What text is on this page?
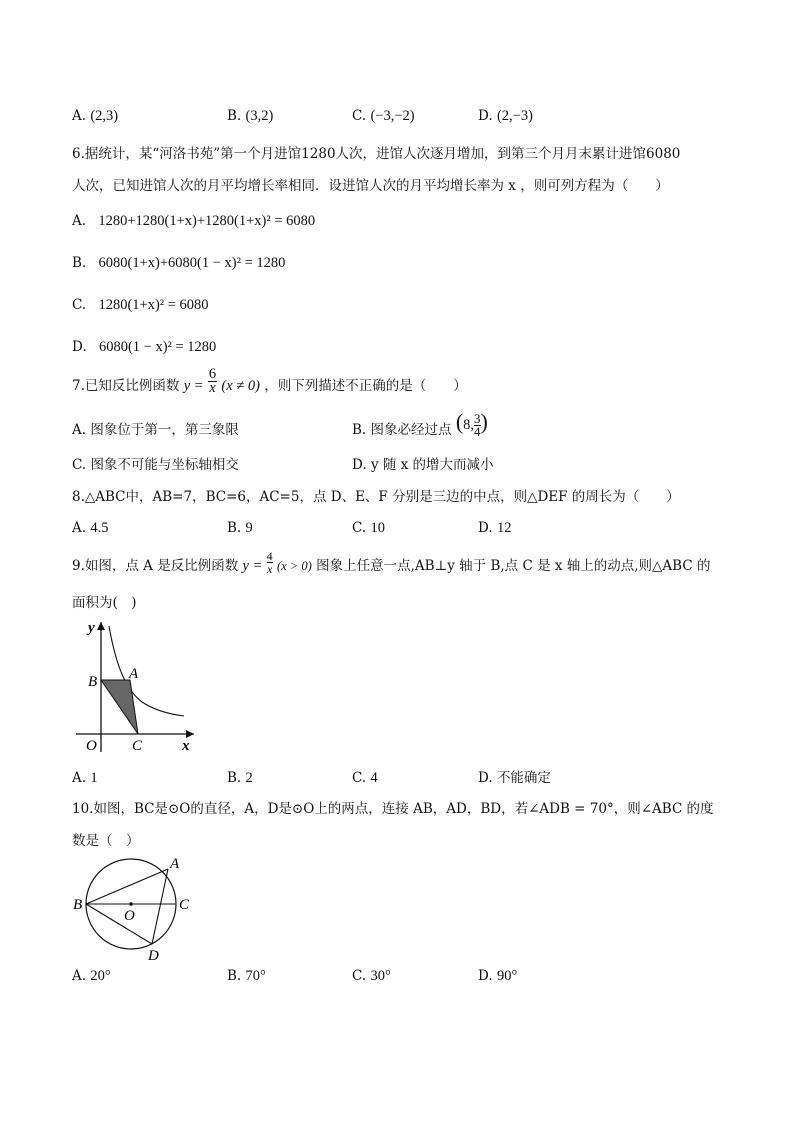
A. (2,3)	B. (3,2)	C. (−3,−2)	D. (2,−3)
6.据统计，某“河洛书苑”第一个月进馆1280人次，进馆人次逐月增加，到第三个月月末累计进馆6080
人次，已知进馆人次的月平均增长率相同．设进馆人次的月平均增长率为 x ，则可列方程为（　　）
A. 1280+1280(1+x)+1280(1+x)² = 6080
B. 6080(1+x)+6080(1 − x)² = 1280
C. 1280(1+x)² = 6080
D. 6080(1 − x)² = 1280
7.已知反比例函数 $y = \frac{6}{x} (x \ne 0)$ ，则下列描述不正确的是（　　）
A. 图象位于第一，第三象限	B. 图象必经过点 (8, $\frac{3}{4}$ )
C. 图象不可能与坐标轴相交	D. y 随 x 的增大而减小
8.△ABC中，AB=7，BC=6，AC=5，点 D、E、F 分别是三边的中点，则△DEF 的周长为（　　）
A. 4.5	B. 9	C. 10	D. 12
9.如图，点 A 是反比例函数 $y = \frac{4}{x} (x > 0)$ 图象上任意一点,AB⊥y 轴于 B,点 C 是 x 轴上的动点,则△ABC 的
面积为(　)
y
x
O
A
B
C
A. 1	B. 2	C. 4	D. 不能确定
10.如图，BC是⊙O的直径，A，D是⊙O上的两点，连接 AB，AD，BD，若∠ADB = 70°，则∠ABC 的度
数是（　）
A
B	C
D
O
A. 20°	B. 70°	C. 30°	D. 90°
